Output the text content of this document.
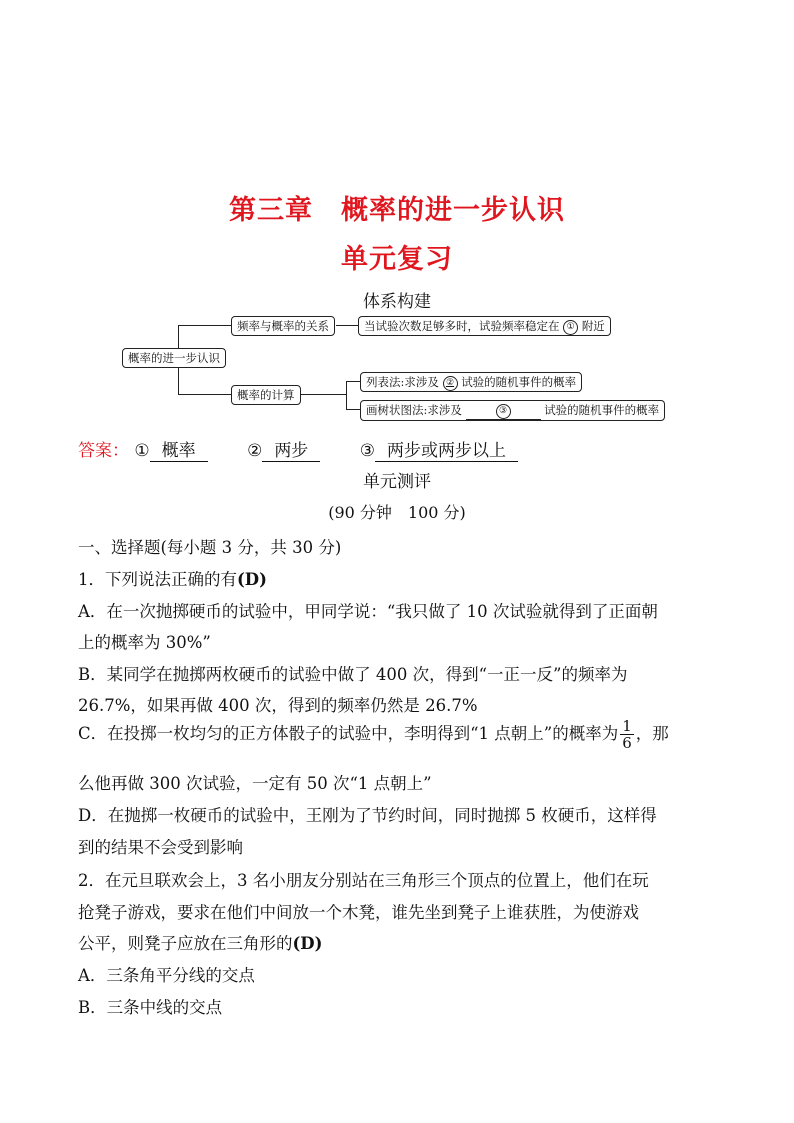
第三章　概率的进一步认识
单元复习
体系构建
概率的进一步认识
频率与概率的关系	当试验次数足够多时，试验频率稳定在 ① 附近
概率的计算
列表法:求涉及 ② 试验的随机事件的概率
画树状图法:求涉及	③	试验的随机事件的概率
答案： ① 概率	② 两步	③ 两步或两步以上
单元测评
(90 分钟　100 分)
一、选择题(每小题 3 分，共 30 分)
1．下列说法正确的有(D)
A．在一次抛掷硬币的试验中，甲同学说：“我只做了 10 次试验就得到了正面朝
上的概率为 30%”
B．某同学在抛掷两枚硬币的试验中做了 400 次，得到“一正一反”的频率为
26.7%，如果再做 400 次，得到的频率仍然是 26.7%
C．在投掷一枚均匀的正方体骰子的试验中，李明得到“1 点朝上”的概率为 $\frac{1}{6}$ ，那
么他再做 300 次试验，一定有 50 次“1 点朝上”
D．在抛掷一枚硬币的试验中，王刚为了节约时间，同时抛掷 5 枚硬币，这样得
到的结果不会受到影响
2．在元旦联欢会上，3 名小朋友分别站在三角形三个顶点的位置上，他们在玩
抢凳子游戏，要求在他们中间放一个木凳，谁先坐到凳子上谁获胜，为使游戏
公平，则凳子应放在三角形的(D)
A．三条角平分线的交点
B．三条中线的交点
